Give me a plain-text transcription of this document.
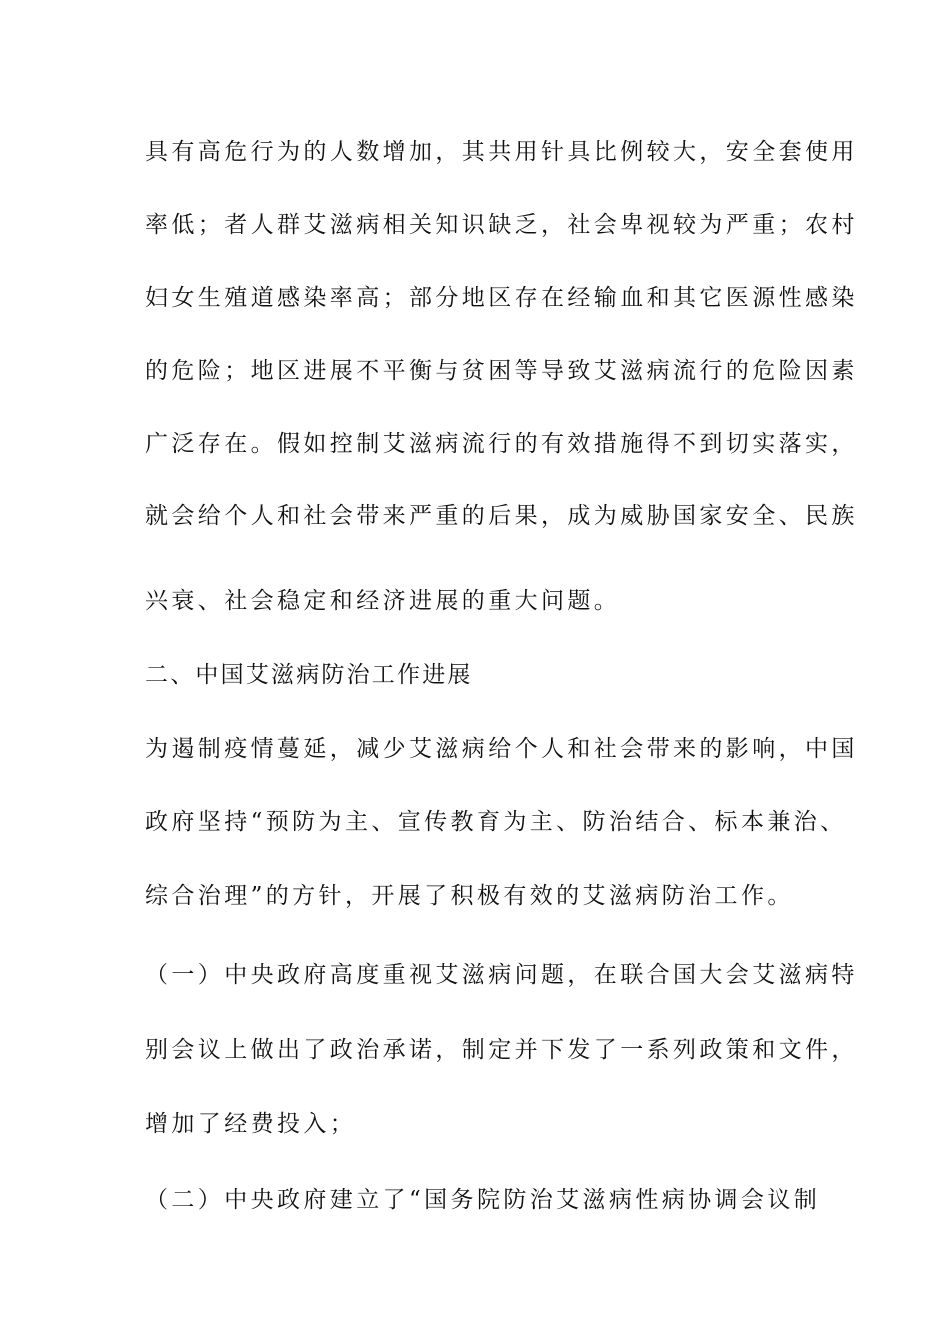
具有高危行为的人数增加，其共用针具比例较大，安全套使用
率低；者人群艾滋病相关知识缺乏，社会卑视较为严重；农村
妇女生殖道感染率高；部分地区存在经输血和其它医源性感染
的危险；地区进展不平衡与贫困等导致艾滋病流行的危险因素
广泛存在。假如控制艾滋病流行的有效措施得不到切实落实，
就会给个人和社会带来严重的后果，成为威胁国家安全、民族
兴衰、社会稳定和经济进展的重大问题。
二、中国艾滋病防治工作进展
为遏制疫情蔓延，减少艾滋病给个人和社会带来的影响，中国
政府坚持“预防为主、宣传教育为主、防治结合、标本兼治、
综合治理”的方针，开展了积极有效的艾滋病防治工作。
（一）中央政府高度重视艾滋病问题，在联合国大会艾滋病特
别会议上做出了政治承诺，制定并下发了一系列政策和文件，
增加了经费投入；
（二）中央政府建立了“国务院防治艾滋病性病协调会议制
